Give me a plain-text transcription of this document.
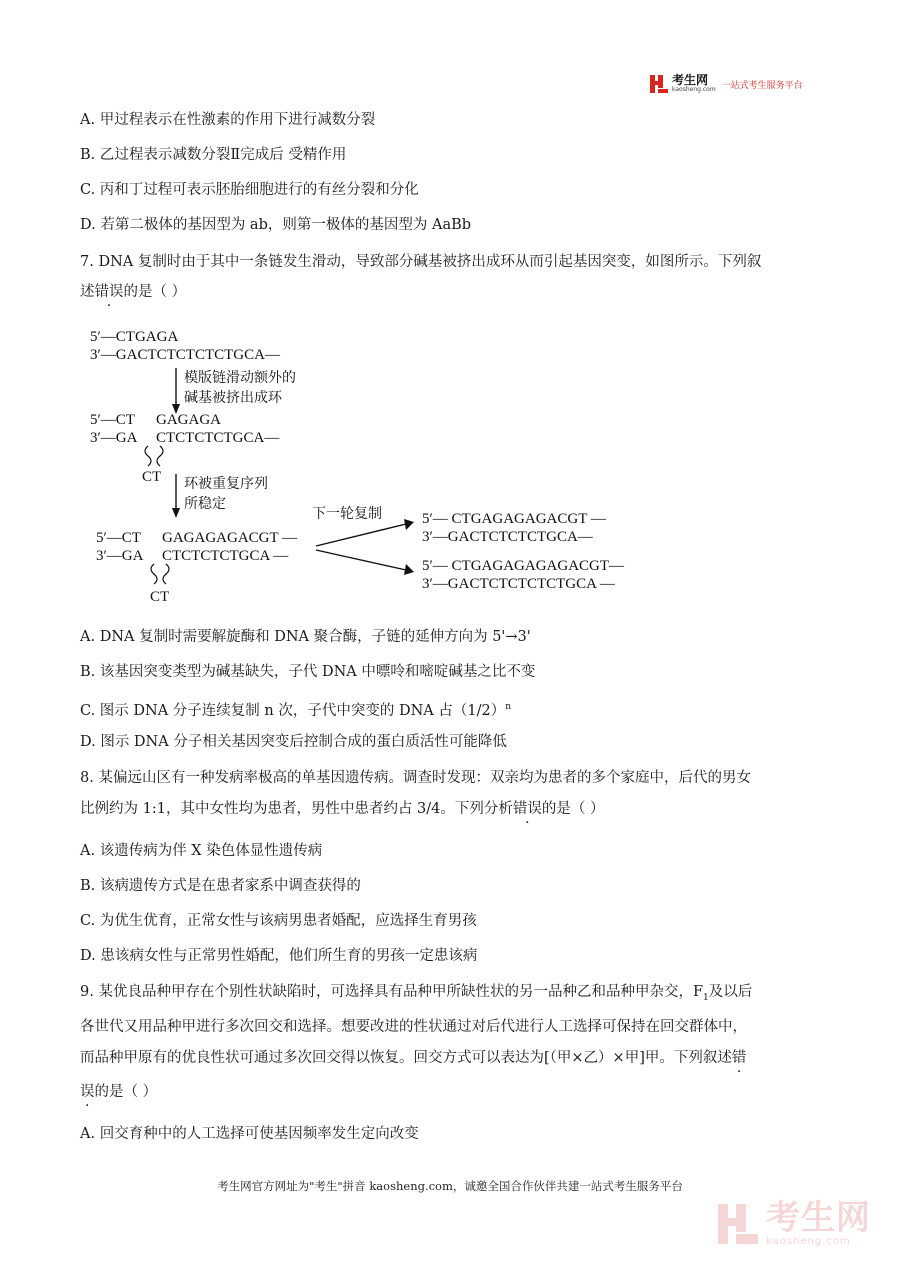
考生网
kaosheng.com 一站式考生服务平台
A. 甲过程表示在性激素的作用下进行减数分裂
B. 乙过程表示减数分裂Ⅱ完成后 受精作用
C. 丙和丁过程可表示胚胎细胞进行的有丝分裂和分化
D. 若第二极体的基因型为 ab，则第一极体的基因型为 AaBb
7. DNA 复制时由于其中一条链发生滑动，导致部分碱基被挤出成环从而引起基因突变，如图所示。下列叙
述错误的是（ ）
5′—CTGAGA
3′—GACTCTCTCTCTGCA—
模版链滑动额外的
碱基被挤出成环
5′—CT GAGAGA
3′—GA CTCTCTCTGCA—
CT 环被重复序列
所稳定
5′—CT GAGAGAGACGT —
3′—GA CTCTCTCTGCA —
CT
下一轮复制	5′— CTGAGAGAGACGT —
3′—GACTCTCTCTGCA—
5′— CTGAGAGAGAGACGT—
3′—GACTCTCTCTCTGCA —
A. DNA 复制时需要解旋酶和 DNA 聚合酶，子链的延伸方向为 5'→3'
B. 该基因突变类型为碱基缺失，子代 DNA 中嘌呤和嘧啶碱基之比不变
C. 图示 DNA 分子连续复制 n 次，子代中突变的 DNA 占$(1/2)^n$
D. 图示 DNA 分子相关基因突变后控制合成的蛋白质活性可能降低
8. 某偏远山区有一种发病率极高的单基因遗传病。调查时发现：双亲均为患者的多个家庭中，后代的男女
比例约为 1:1，其中女性均为患者，男性中患者约占 3/4。下列分析错误的是（ ）
A. 该遗传病为伴 X 染色体显性遗传病
B. 该病遗传方式是在患者家系中调查获得的
C. 为优生优育，正常女性与该病男患者婚配，应选择生育男孩
D. 患该病女性与正常男性婚配，他们所生育的男孩一定患该病
9. 某优良品种甲存在个别性状缺陷时，可选择具有品种甲所缺性状的另一品种乙和品种甲杂交，$F_1$及以后
各世代又用品种甲进行多次回交和选择。想要改进的性状通过对后代进行人工选择可保持在回交群体中，
而品种甲原有的优良性状可通过多次回交得以恢复。回交方式可以表达为[（甲×乙）×甲]甲。下列叙述错
误的是（ ）
A. 回交育种中的人工选择可使基因频率发生定向改变
考生网官方网址为"考生"拼音 kaosheng.com，诚邀全国合作伙伴共建一站式考生服务平台
考生网
kaosheng.com
